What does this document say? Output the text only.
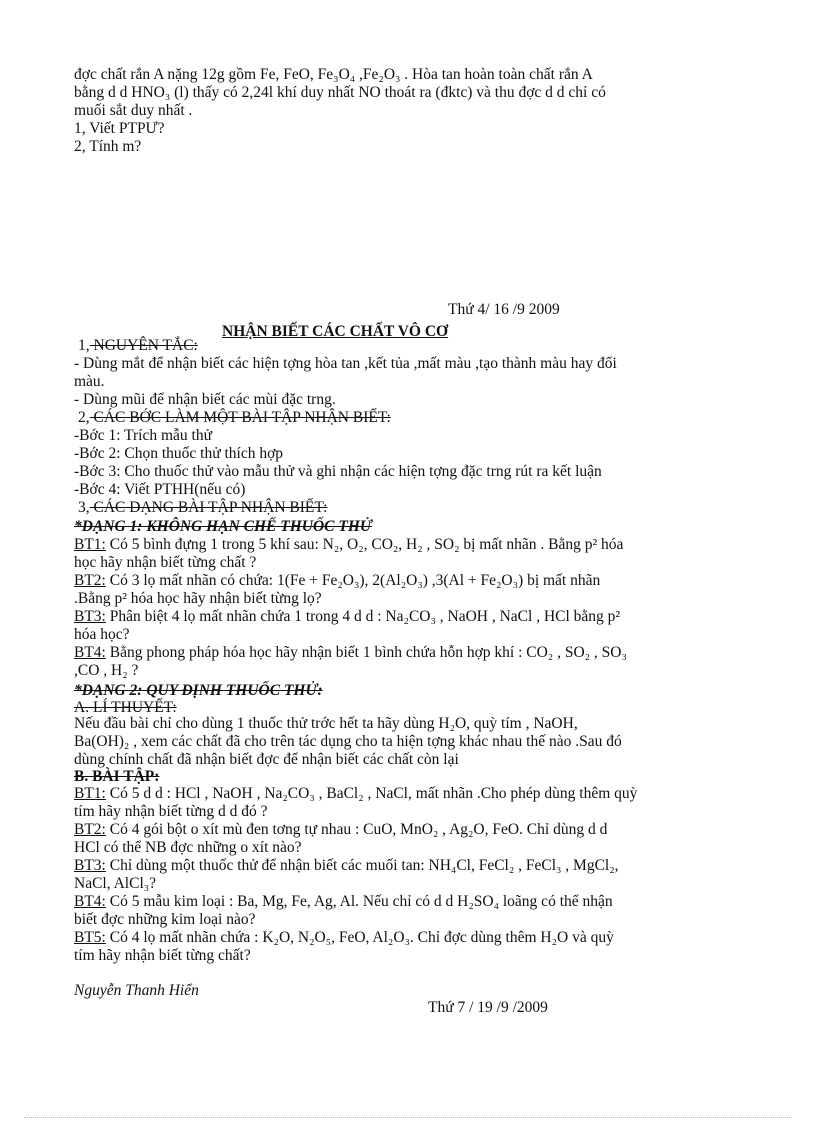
đợc chất rắn A nặng 12g gồm Fe, FeO, Fe₃O₄ ,Fe₂O₃ . Hòa tan hoàn toàn chất rắn A
bằng d d HNO₃ (l) thấy có 2,24l khí duy nhất NO thoát ra (đktc) và thu đợc d d chỉ có
muối sắt duy nhất .
1, Viết PTPƯ?
2, Tính m?
Thứ 4/ 16 /9 2009
NHẬN BIẾT CÁC CHẤT VÔ CƠ
1, NGUYÊN TẮC:
- Dùng mắt để nhận biết các hiện tợng hòa tan ,kết tủa ,mất màu ,tạo thành màu hay đổi
màu.
- Dùng mũi để nhận biết các mùi đặc trng.
2, CÁC BỚC LÀM MỘT BÀI TẬP NHẬN BIẾT:
-Bớc 1: Trích mẫu thử
-Bớc 2: Chọn thuốc thử thích hợp
-Bớc 3: Cho thuốc thử vào mẫu thử và ghi nhận các hiện tợng đặc trng rút ra kết luận
-Bớc 4: Viết PTHH(nếu có)
3, CÁC DẠNG BÀI TẬP NHẬN BIẾT:
*DẠNG 1: KHÔNG HẠN CHẾ THUỐC THỬ
BT1: Có 5 bình đựng 1 trong 5 khí sau: N₂, O₂, CO₂, H₂ , SO₂ bị mất nhãn . Bằng p² hóa
học hãy nhận biết từng chất ?
BT2: Có 3 lọ mất nhãn có chứa: 1(Fe + Fe₂O₃), 2(Al₂O₃) ,3(Al + Fe₂O₃) bị mất nhãn
.Bằng p² hóa học hãy nhận biết từng lọ?
BT3: Phân biệt 4 lọ mất nhãn chứa 1 trong 4 d d : Na₂CO₃ , NaOH , NaCl , HCl bằng p²
hóa học?
BT4: Bằng phong pháp hóa học hãy nhận biết 1 bình chứa hỗn hợp khí : CO₂ , SO₂ , SO₃
,CO , H₂ ?
*DẠNG 2: QUY ĐỊNH THUỐC THỬ:
A. LÍ THUYẾT:
Nếu đầu bài chỉ cho dùng 1 thuốc thử trớc hết ta hãy dùng H₂O, quỳ tím , NaOH,
Ba(OH)₂ , xem các chất đã cho trên tác dụng cho ta hiện tợng khác nhau thế nào .Sau đó
dùng chính chất đã nhận biết đợc để nhận biết các chất còn lại
B. BÀI TẬP:
BT1: Có 5 d d : HCl , NaOH , Na₂CO₃ , BaCl₂ , NaCl, mất nhãn .Cho phép dùng thêm quỳ
tím hãy nhận biết từng d d đó ?
BT2: Có 4 gói bột o xít mù đen tơng tự nhau : CuO, MnO₂ , Ag₂O, FeO. Chỉ dùng d d
HCl có thể NB đợc những o xít nào?
BT3: Chỉ dùng một thuốc thử để nhận biết các muối tan: NH₄Cl, FeCl₂ , FeCl₃ , MgCl₂,
NaCl, AlCl₃?
BT4: Có 5 mẫu kim loại : Ba, Mg, Fe, Ag, Al. Nếu chỉ có d d H₂SO₄ loãng có thể nhận
biết đợc những kim loại nào?
BT5: Có 4 lọ mất nhãn chứa : K₂O, N₂O₅, FeO, Al₂O₃. Chỉ đợc dùng thêm H₂O và quỳ
tím hãy nhận biết từng chất?
Nguyễn Thanh Hiển
Thứ 7 / 19 /9 /2009
